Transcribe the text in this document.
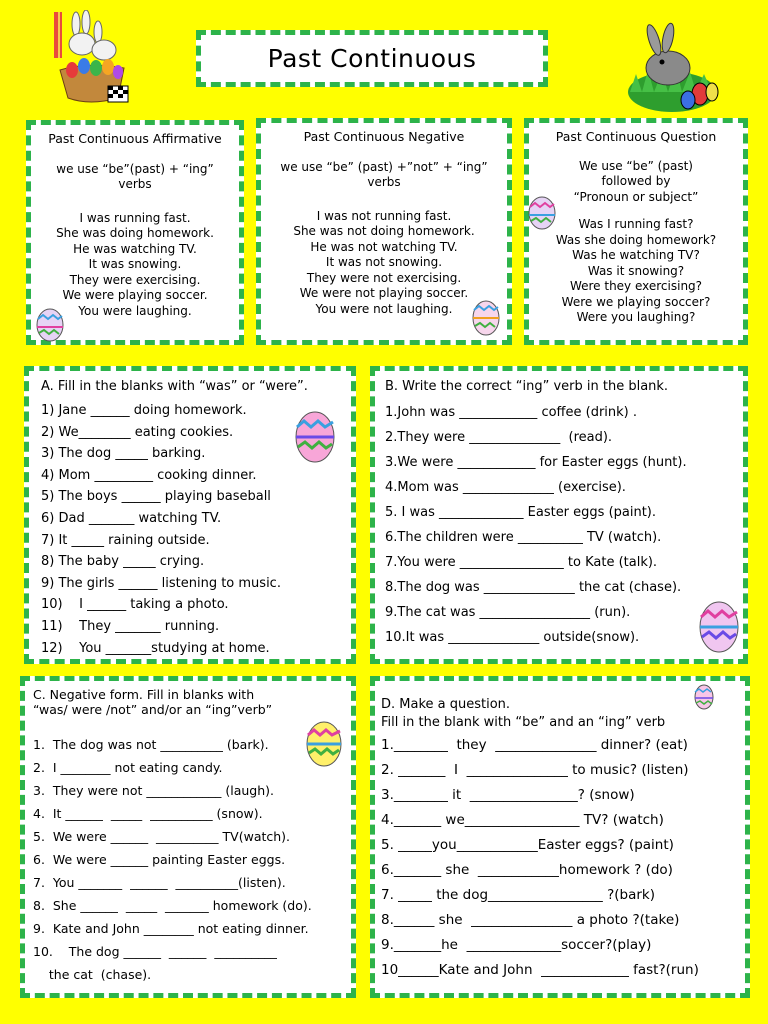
Past Continuous
Past Continuous Affirmative

we use “be”(past) + “ing”

verbs

I was running fast.

She was doing homework.

He was watching TV.

It was snowing.

They were exercising.

We were playing soccer.

You were laughing.

Past Continuous Negative

we use “be” (past) +”not” + “ing”

verbs

I was not running fast.

She was not doing homework.

He was not watching TV.

It was not snowing.

They were not exercising.

We were not playing soccer.

You were not laughing.

Past Continuous Question

We use “be” (past)

followed by

“Pronoun or subject”

Was I running fast?

Was she doing homework?

Was he watching TV?

Was it snowing?

Were they exercising?

Were we playing soccer?

Were you laughing?

A. Fill in the blanks with “was” or “were”.
1) Jane ______ doing homework.
2) We________ eating cookies.
3) The dog _____ barking.
4) Mom _________ cooking dinner.
5) The boys ______ playing baseball
6) Dad _______ watching TV.
7) It _____ raining outside.
8) The baby _____ crying.
9) The girls ______ listening to music.
10)    I ______ taking a photo.
11)    They _______ running.
12)    You _______studying at home.
B. Write the correct “ing” verb in the blank.
1.John was ____________ coffee (drink) .
2.They were ______________  (read).
3.We were ____________ for Easter eggs (hunt).
4.Mom was ______________ (exercise).
5. I was _____________ Easter eggs (paint).
6.The children were __________ TV (watch).
7.You were ________________ to Kate (talk).
8.The dog was ______________ the cat (chase).
9.The cat was _________________ (run).
10.It was ______________ outside(snow).
C. Negative form. Fill in blanks with
“was/ were /not” and/or an “ing”verb”
1.  The dog was not __________ (bark).
2.  I ________ not eating candy.
3.  They were not ____________ (laugh).
4.  It ______  _____  __________ (snow).
5.  We were ______  __________ TV(watch).
6.  We were ______ painting Easter eggs.
7.  You _______  ______  __________(listen).
8.  She ______  _____  _______ homework (do).
9.  Kate and John ________ not eating dinner.
10.    The dog ______  ______  __________
the cat  (chase).
D. Make a question.
Fill in the blank with “be” and an “ing” verb
1.________  they  _______________ dinner? (eat)
2. _______  I  _______________ to music? (listen)
3.________ it  ________________? (snow)
4._______ we_________________ TV? (watch)
5. _____you____________Easter eggs? (paint)
6._______ she  ____________homework ? (do)
7. _____ the dog_________________ ?(bark)
8.______ she  _______________ a photo ?(take)
9._______he  ______________soccer?(play)
10______Kate and John  _____________ fast?(run)
